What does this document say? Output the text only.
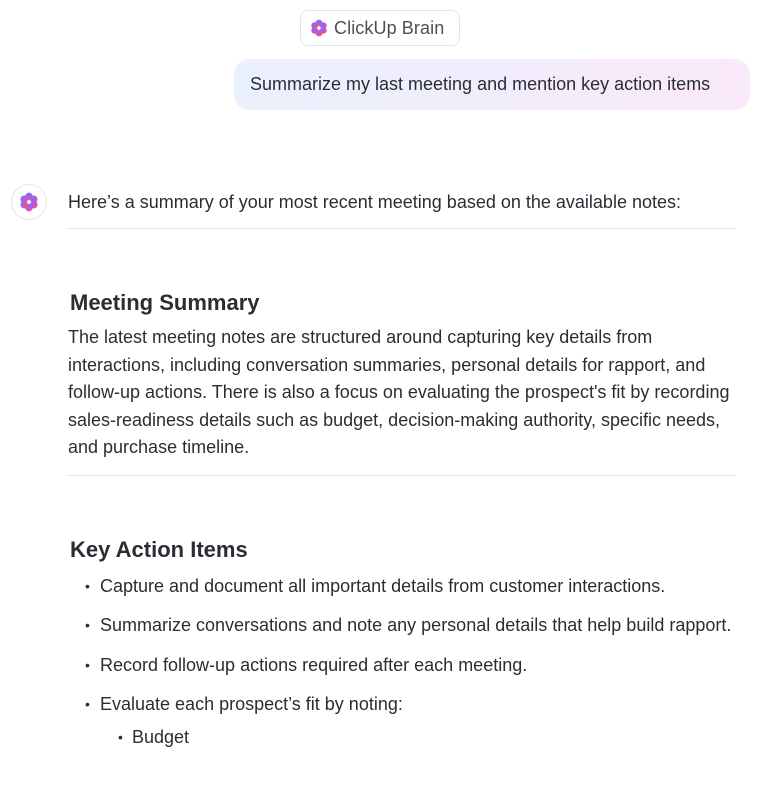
ClickUp Brain
Summarize my last meeting and mention key action items

Here’s a summary of your most recent meeting based on the available notes:

Meeting Summary

The latest meeting notes are structured around capturing key details from interactions, including conversation summaries, personal details for rapport, and follow-up actions. There is also a focus on evaluating the prospect's fit by recording sales-readiness details such as budget, decision-making authority, specific needs, and purchase timeline.

Key Action Items
• Capture and document all important details from customer interactions.
• Summarize conversations and note any personal details that help build rapport.
• Record follow-up actions required after each meeting.
• Evaluate each prospect’s fit by noting:
• Budget
